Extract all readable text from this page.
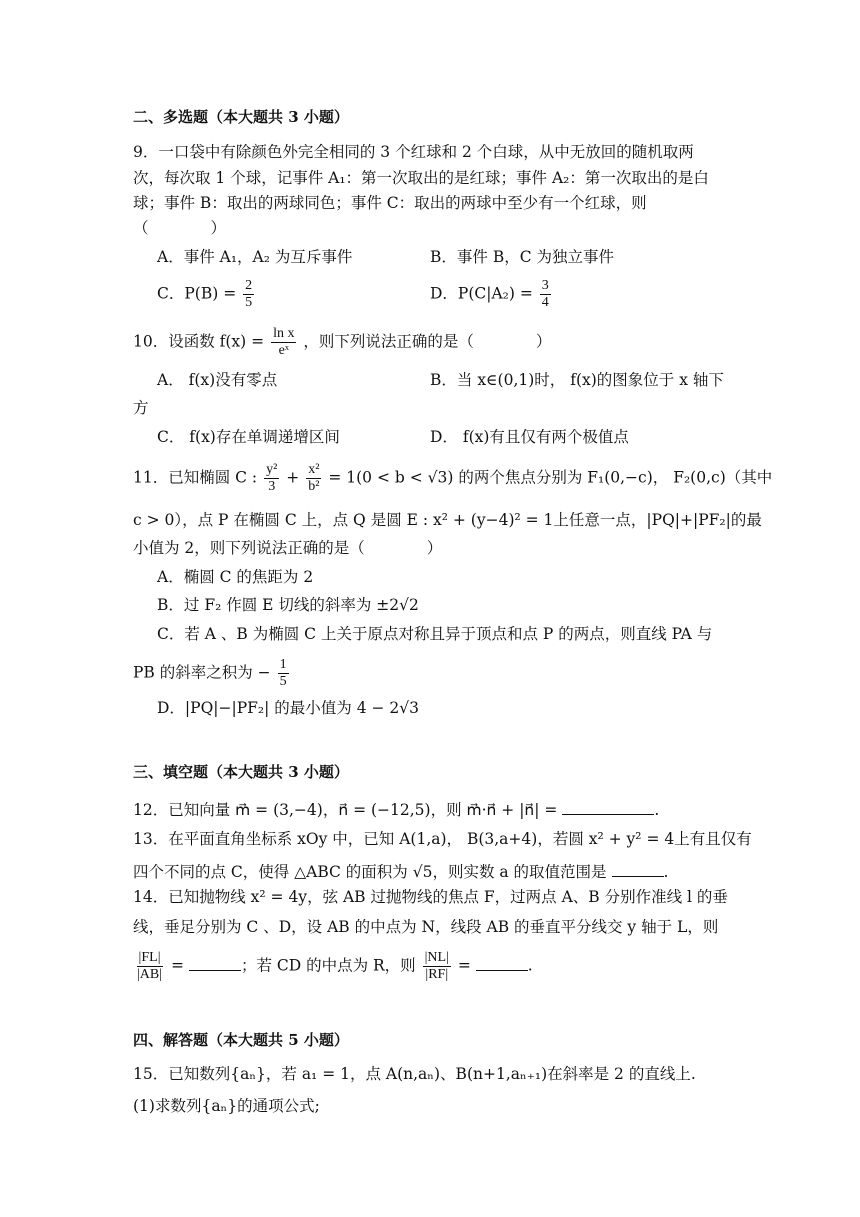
二、多选题（本大题共 3 小题）
9．一口袋中有除颜色外完全相同的 3 个红球和 2 个白球，从中无放回的随机取两
次，每次取 1 个球，记事件 A₁：第一次取出的是红球；事件 A₂：第一次取出的是白
球；事件 B：取出的两球同色；事件 C：取出的两球中至少有一个红球，则
（　　　　）
A．事件 A₁，A₂ 为互斥事件	B．事件 B，C 为独立事件
C．$P(B) = \frac{2}{5}$	D．$P(C|A_2) = \frac{3}{4}$
10．设函数 $f(x) = \frac{\text{ln x}}{\text{eˣ}}$ ，则下列说法正确的是（　　　　）
A． f(x)没有零点	B．当 x∈(0,1)时， f(x)的图象位于 x 轴下
方
C． f(x)存在单调递增区间	D． f(x)有且仅有两个极值点
11．已知椭圆 C : $\frac{\text{y²}}{3} + \frac{\text{x²}}{\text{b²}} = 1(0 < b < √3)$ 的两个焦点分别为 F₁(0,−c)， F₂(0,c)（其中
c > 0），点 P 在椭圆 C 上，点 Q 是圆 E : x² + (y−4)² = 1上任意一点，|PQ|+|PF₂|的最
小值为 2，则下列说法正确的是（　　　　）
A．椭圆 C 的焦距为 2
B．过 F₂ 作圆 E 切线的斜率为 ±2√2
C．若 A 、B 为椭圆 C 上关于原点对称且异于顶点和点 P 的两点，则直线 PA 与
PB 的斜率之积为 − $\frac{1}{5}$
D．|PQ|−|PF₂| 的最小值为 4 − 2√3
三、填空题（本大题共 3 小题）
12．已知向量 m⃗ = (3,−4)，n⃗ = (−12,5)，则 m⃗·n⃗ + |n⃗| =	.
13．在平面直角坐标系 xOy 中，已知 A(1,a)， B(3,a+4)，若圆 x² + y² = 4上有且仅有
四个不同的点 C，使得 △ABC 的面积为 √5，则实数 a 的取值范围是	.
14．已知抛物线 x² = 4y，弦 AB 过抛物线的焦点 F，过两点 A、B 分别作准线 l 的垂
线，垂足分别为 C 、D，设 AB 的中点为 N，线段 AB 的垂直平分线交 y 轴于 L，则
$\frac{|FL|}{|AB|}$ =	；若 CD 的中点为 R，则 $\frac{|NL|}{|RF|}$ =	.
四、解答题（本大题共 5 小题）
15．已知数列{aₙ}，若 a₁ = 1，点 A(n,aₙ)、B(n+1,aₙ₊₁)在斜率是 2 的直线上.
(1)求数列{aₙ}的通项公式;
